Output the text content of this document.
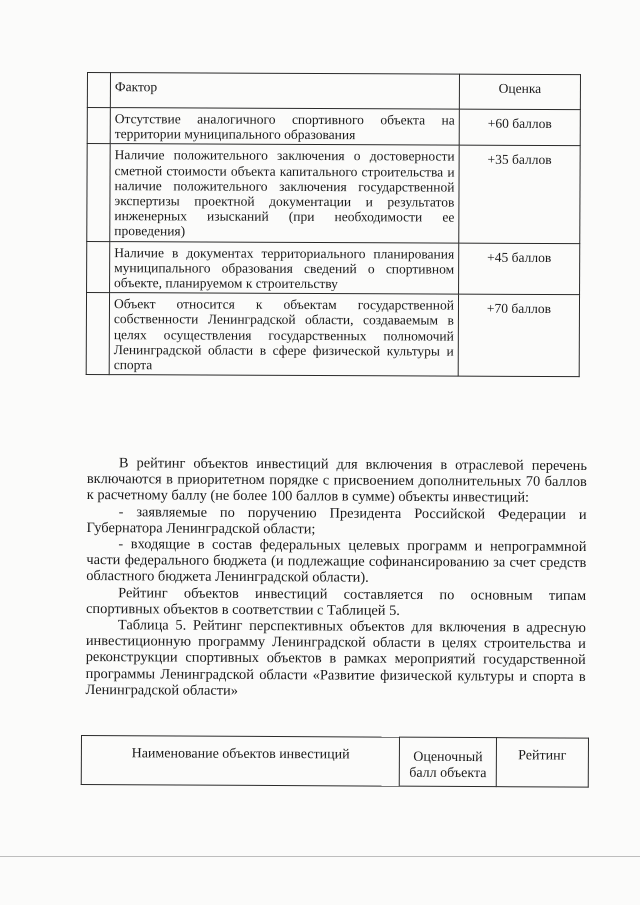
	Фактор	Оценка

	Отсутствие аналогичного спортивного объекта на территории муниципального образования	+60 баллов

	Наличие положительного заключения о достоверности сметной стоимости объекта капитального строительства и наличие положительного заключения государственной экспертизы проектной документации и результатов инженерных изысканий (при необходимости ее проведения)	+35 баллов

	Наличие в документах территориального планирования муниципального образования сведений о спортивном объекте, планируемом к строительству	+45 баллов

	Объект относится к объектам государственной собственности Ленинградской области, создаваемым в целях осуществления государственных полномочий Ленинградской области в сфере физической культуры и спорта	+70 баллов

В рейтинг объектов инвестиций для включения в отраслевой перечень включаются в приоритетном порядке с присвоением дополнительных 70 баллов к расчетному баллу (не более 100 баллов в сумме) объекты инвестиций:

- заявляемые по поручению Президента Российской Федерации и Губернатора Ленинградской области;

- входящие в состав федеральных целевых программ и непрограммной части федерального бюджета (и подлежащие софинансированию за счет средств областного бюджета Ленинградской области).

Рейтинг объектов инвестиций составляется по основным типам спортивных объектов в соответствии с Таблицей 5.

Таблица 5. Рейтинг перспективных объектов для включения в адресную инвестиционную программу Ленинградской области в целях строительства и реконструкции спортивных объектов в рамках мероприятий государственной программы Ленинградской области «Развитие физической культуры и спорта в Ленинградской области»

Наименование объектов инвестиций	Оценочный балл объекта	Рейтинг
